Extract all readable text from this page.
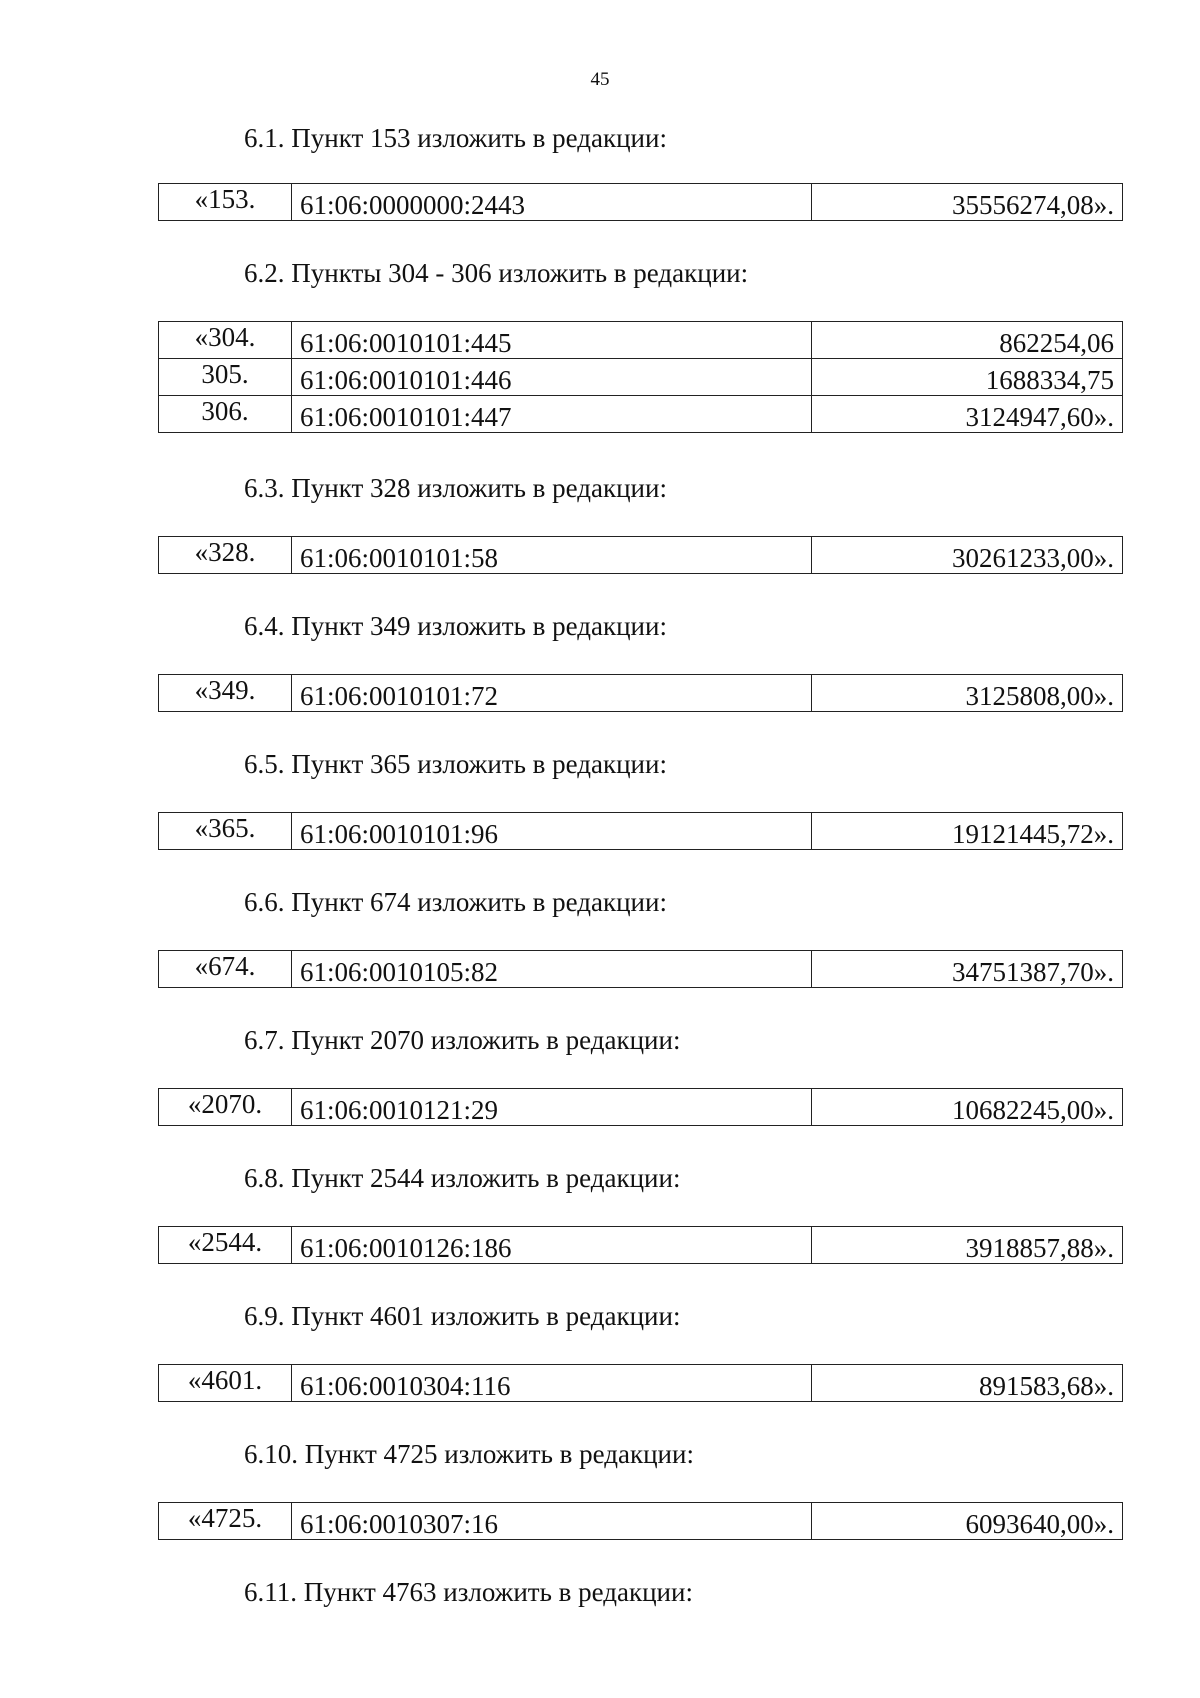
45
6.1. Пункт 153 изложить в редакции:
«153.	61:06:0000000:2443	35556274,08».
6.2. Пункты 304 - 306 изложить в редакции:
«304.	61:06:0010101:445	862254,06
305.	61:06:0010101:446	1688334,75
306.	61:06:0010101:447	3124947,60».
6.3. Пункт 328 изложить в редакции:
«328.	61:06:0010101:58	30261233,00».
6.4. Пункт 349 изложить в редакции:
«349.	61:06:0010101:72	3125808,00».
6.5. Пункт 365 изложить в редакции:
«365.	61:06:0010101:96	19121445,72».
6.6. Пункт 674 изложить в редакции:
«674.	61:06:0010105:82	34751387,70».
6.7. Пункт 2070 изложить в редакции:
«2070.	61:06:0010121:29	10682245,00».
6.8. Пункт 2544 изложить в редакции:
«2544.	61:06:0010126:186	3918857,88».
6.9. Пункт 4601 изложить в редакции:
«4601.	61:06:0010304:116	891583,68».
6.10. Пункт 4725 изложить в редакции:
«4725.	61:06:0010307:16	6093640,00».
6.11. Пункт 4763 изложить в редакции:
